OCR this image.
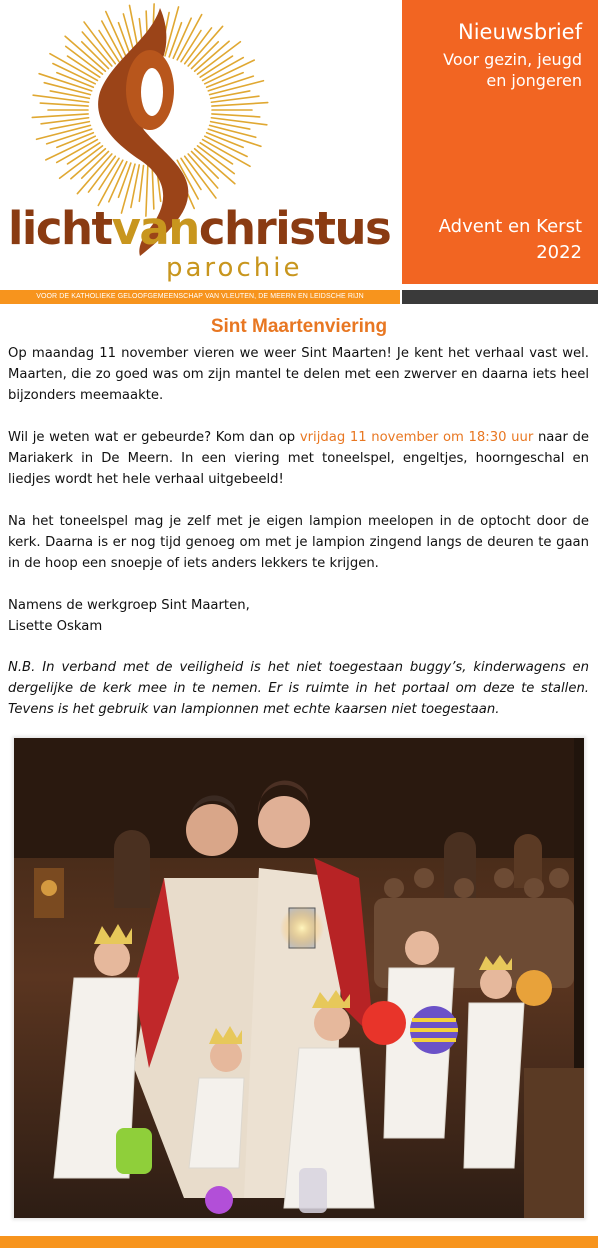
lichtvanchristus
parochie
Nieuwsbrief
Voor gezin, jeugd
en jongeren
Advent en Kerst
2022
VOOR DE KATHOLIEKE GELOOFGEMEENSCHAP VAN VLEUTEN, DE MEERN EN LEIDSCHE RIJN
Sint Maartenviering

Op maandag 11 november vieren we weer Sint Maarten! Je kent het verhaal vast wel. Maarten, die zo goed was om zijn mantel te delen met een zwerver en daarna iets heel bijzonders meemaakte.

Wil je weten wat er gebeurde? Kom dan op vrijdag 11 november om 18:30 uur naar de Mariakerk in De Meern. In een viering met toneelspel, engeltjes, hoorngeschal en liedjes wordt het hele verhaal uitgebeeld!

Na het toneelspel mag je zelf met je eigen lampion meelopen in de optocht door de kerk. Daarna is er nog tijd genoeg om met je lampion zingend langs de deuren te gaan in de hoop een snoepje of iets anders lekkers te krijgen.

Namens de werkgroep Sint Maarten,
Lisette Oskam

N.B. In verband met de veiligheid is het niet toegestaan buggy’s, kinderwagens en dergelijke de kerk mee in te nemen. Er is ruimte in het portaal om deze te stallen. Tevens is het gebruik van lampionnen met echte kaarsen niet toegestaan.
